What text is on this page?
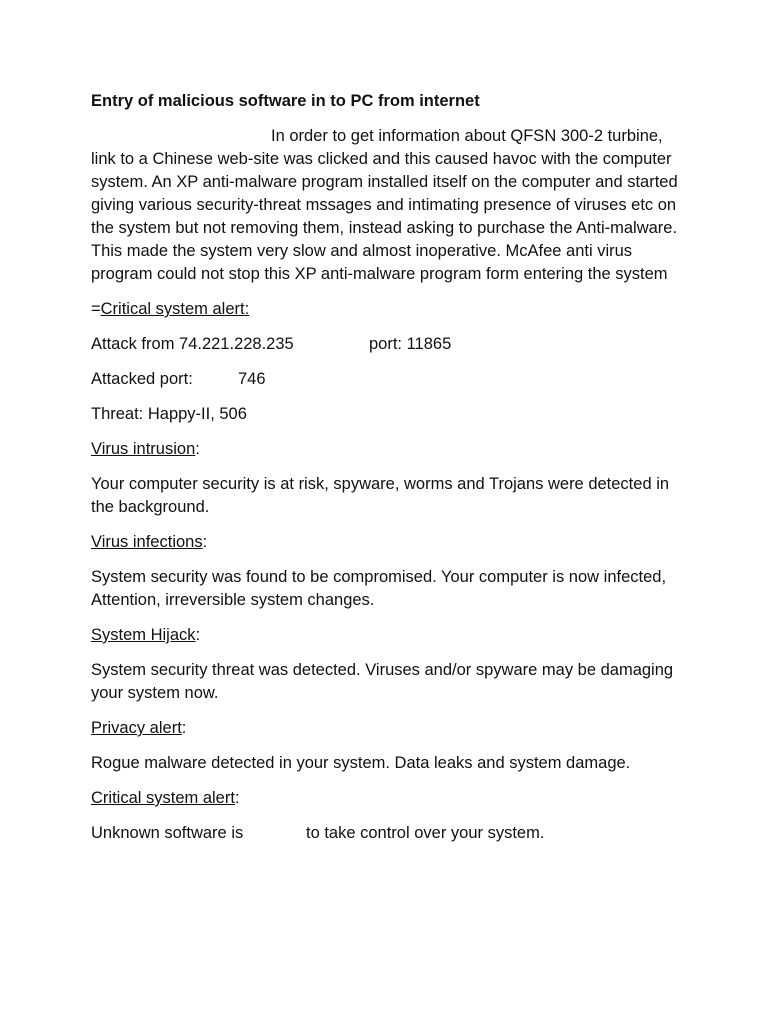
Entry of malicious software in to PC from internet

In order to get information about QFSN 300-2 turbine, link to a Chinese web-site was clicked and this caused havoc with the computer system. An XP anti-malware program installed itself on the computer and started giving various security-threat mssages and intimating presence of viruses etc on the system but not removing them, instead asking to purchase the Anti-malware. This made the system very slow and almost inoperative. McAfee anti virus program could not stop this XP anti-malware program form entering the system

=Critical system alert:

Attack from 74.221.228.235	port: 11865
Attacked port:	746

Threat: Happy-II, 506

Virus intrusion:

Your computer security is at risk, spyware, worms and Trojans were detected in the background.

Virus infections:

System security was found to be compromised. Your computer is now infected, Attention, irreversible system changes.

System Hijack:

System security threat was detected. Viruses and/or spyware may be damaging your system now.

Privacy alert:

Rogue malware detected in your system. Data leaks and system damage.

Critical system alert:

Unknown software is	to take control over your system.
